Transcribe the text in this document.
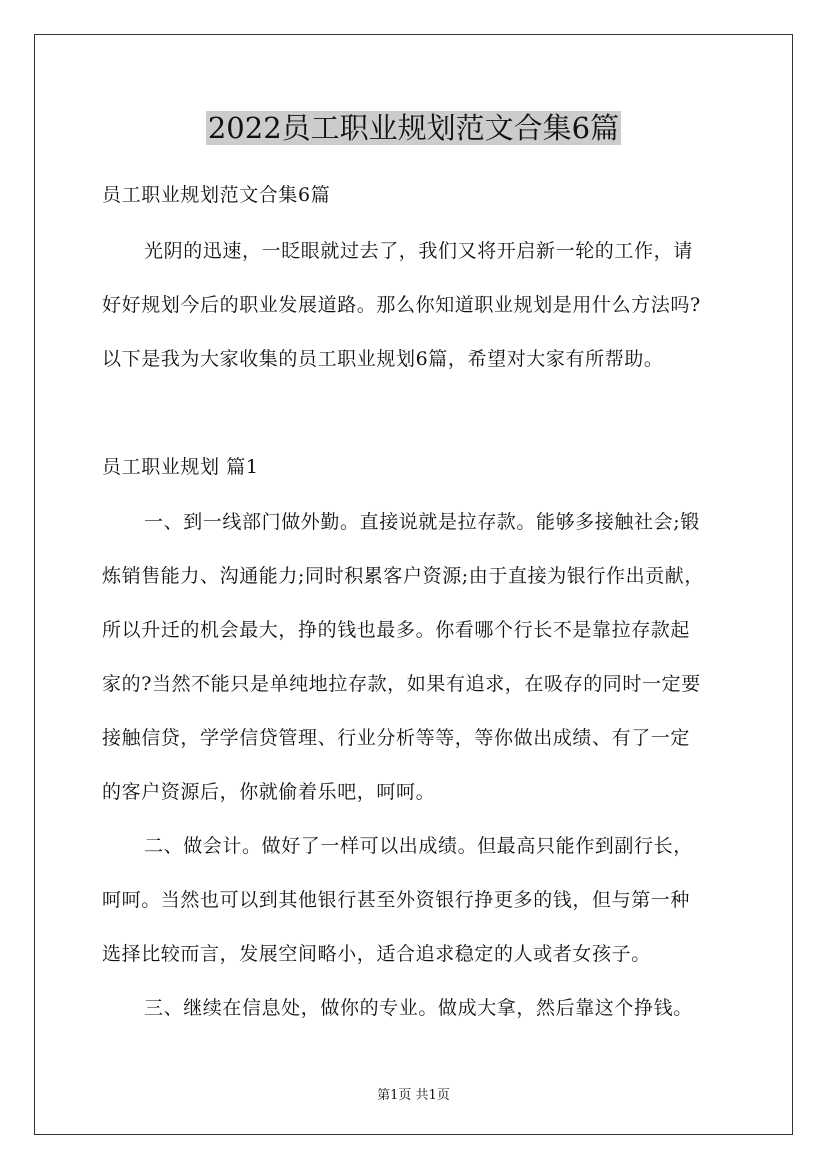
2022员工职业规划范文合集6篇
员工职业规划范文合集6篇
光阴的迅速，一眨眼就过去了，我们又将开启新一轮的工作，请
好好规划今后的职业发展道路。那么你知道职业规划是用什么方法吗?
以下是我为大家收集的员工职业规划6篇，希望对大家有所帮助。
员工职业规划 篇1
一、到一线部门做外勤。直接说就是拉存款。能够多接触社会;锻
炼销售能力、沟通能力;同时积累客户资源;由于直接为银行作出贡献，
所以升迁的机会最大，挣的钱也最多。你看哪个行长不是靠拉存款起
家的?当然不能只是单纯地拉存款，如果有追求，在吸存的同时一定要
接触信贷，学学信贷管理、行业分析等等，等你做出成绩、有了一定
的客户资源后，你就偷着乐吧，呵呵。
二、做会计。做好了一样可以出成绩。但最高只能作到副行长，
呵呵。当然也可以到其他银行甚至外资银行挣更多的钱，但与第一种
选择比较而言，发展空间略小，适合追求稳定的人或者女孩子。
三、继续在信息处，做你的专业。做成大拿，然后靠这个挣钱。
第1页 共1页
